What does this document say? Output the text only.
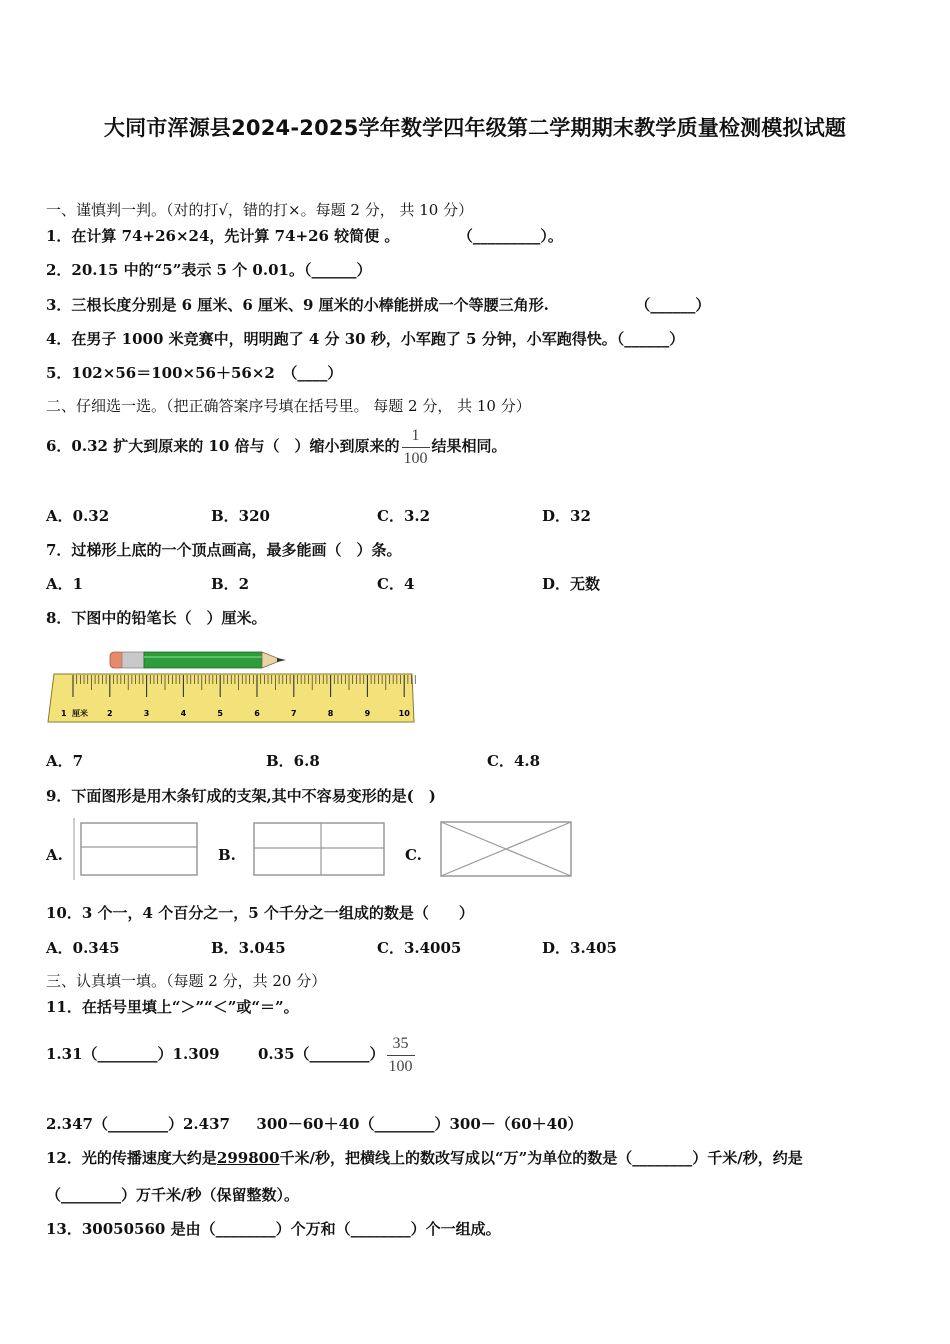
大同市浑源县2024-2025学年数学四年级第二学期期末教学质量检测模拟试题
一、谨慎判一判。（对的打√，错的打×。每题 2 分， 共 10 分）
1．在计算 74+26×24，先计算 74+26 较简便 。	（_________）。
2．20.15 中的“5”表示 5 个 0.01。（______）
3．三根长度分别是 6 厘米、6 厘米、9 厘米的小棒能拼成一个等腰三角形.	（______）
4．在男子 1000 米竞赛中，明明跑了 4 分 30 秒，小军跑了 5 分钟，小军跑得快。（______）
5．102×56＝100×56＋56×2　（____）
二、仔细选一选。（把正确答案序号填在括号里。 每题 2 分， 共 10 分）
6．0.32 扩大到原来的 10 倍与（　）缩小到原来的 $\frac{1}{100}$ 结果相同。
A．0.32	B．320	C．3.2	D．32
7．过梯形上底的一个顶点画高，最多能画（　）条。
A．1	B．2	C．4	D．无数
8．下图中的铅笔长（　）厘米。
厘米
1	2	3	4	5	6	7	8	9	10
A．7	B．6.8	C．4.8
9．下面图形是用木条钉成的支架,其中不容易变形的是(　)
A.	B.	C.
10．3 个一，4 个百分之一，5 个千分之一组成的数是（　　）
A．0.345	B．3.045	C．3.4005	D．3.405
三、认真填一填。（每题 2 分，共 20 分）
11．在括号里填上“＞”“＜”或“＝”。
1.31（________）1.309	0.35（________） $\frac{35}{100}$
2.347（________）2.437 300－60＋40（________）300－（60＋40）
12．光的传播速度大约是299800千米/秒，把横线上的数改写成以“万”为单位的数是（________）千米/秒，约是
（________）万千米/秒（保留整数）。
13．30050560 是由（________）个万和（________）个一组成。
